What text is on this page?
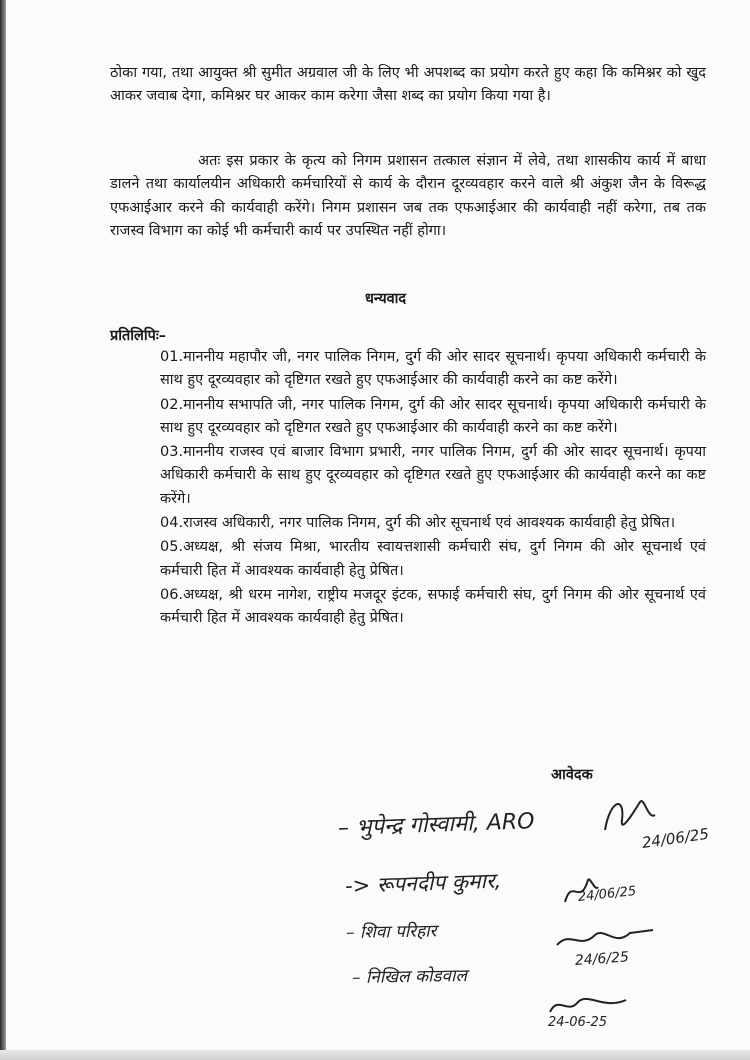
ठोका गया, तथा आयुक्त श्री सुमीत अग्रवाल जी के लिए भी अपशब्द का प्रयोग करते हुए कहा कि कमिश्नर को खुद आकर जवाब देगा, कमिश्नर घर आकर काम करेगा जैसा शब्द का प्रयोग किया गया है।

अतः इस प्रकार के कृत्य को निगम प्रशासन तत्काल संज्ञान में लेवे, तथा शासकीय कार्य में बाधा डालने तथा कार्यालयीन अधिकारी कर्मचारियों से कार्य के दौरान दूरव्यवहार करने वाले श्री अंकुश जैन के विरूद्ध एफआईआर करने की कार्यवाही करेंगे। निगम प्रशासन जब तक एफआईआर की कार्यवाही नहीं करेगा, तब तक राजस्व विभाग का कोई भी कर्मचारी कार्य पर उपस्थित नहीं होगा।

धन्यवाद
प्रतिलिपिः–
01.माननीय महापौर जी, नगर पालिक निगम, दुर्ग की ओर सादर सूचनार्थ। कृपया अधिकारी कर्मचारी के साथ हुए दूरव्यवहार को दृष्टिगत रखते हुए एफआईआर की कार्यवाही करने का कष्ट करेंगे।
02.माननीय सभापति जी, नगर पालिक निगम, दुर्ग की ओर सादर सूचनार्थ। कृपया अधिकारी कर्मचारी के साथ हुए दूरव्यवहार को दृष्टिगत रखते हुए एफआईआर की कार्यवाही करने का कष्ट करेंगे।
03.माननीय राजस्व एवं बाजार विभाग प्रभारी, नगर पालिक निगम, दुर्ग की ओर सादर सूचनार्थ। कृपया अधिकारी कर्मचारी के साथ हुए दूरव्यवहार को दृष्टिगत रखते हुए एफआईआर की कार्यवाही करने का कष्ट करेंगे।
04.राजस्व अधिकारी, नगर पालिक निगम, दुर्ग की ओर सूचनार्थ एवं आवश्यक कार्यवाही हेतु प्रेषित।
05.अध्यक्ष, श्री संजय मिश्रा, भारतीय स्वायत्तशासी कर्मचारी संघ, दुर्ग निगम की ओर सूचनार्थ एवं कर्मचारी हित में आवश्यक कार्यवाही हेतु प्रेषित।
06.अध्यक्ष, श्री धरम नागेश, राष्ट्रीय मजदूर इंटक, सफाई कर्मचारी संघ, दुर्ग निगम की ओर सूचनार्थ एवं कर्मचारी हित में आवश्यक कार्यवाही हेतु प्रेषित।
आवेदक
– भुपेन्द्र गोस्वामी, ARO	24/06/25
-> रूपनदीप कुमार,	24/06/25
– शिवा परिहार
24/6/25
– निखिल कोडवाल
24-06-25
